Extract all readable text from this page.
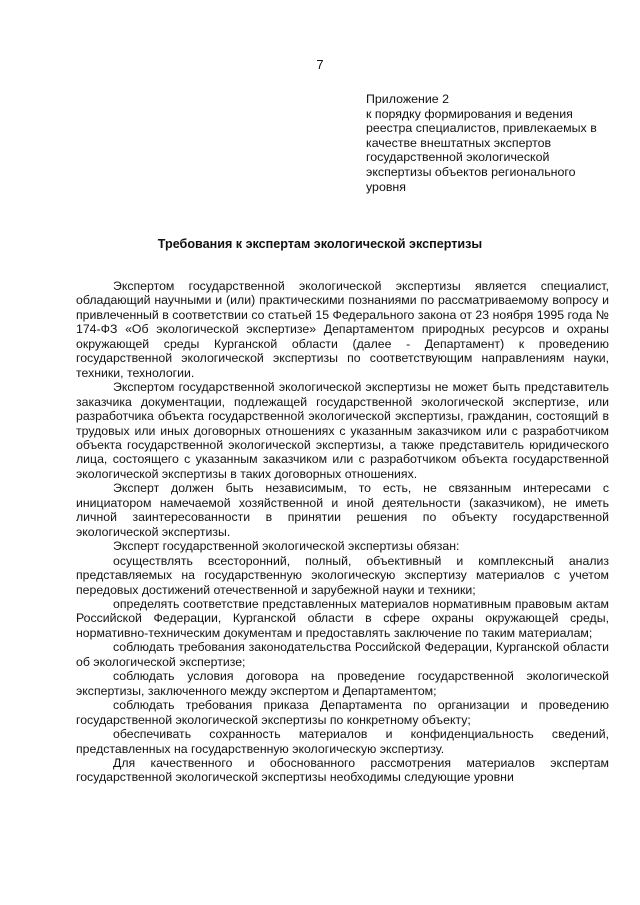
7
Приложение 2
к порядку формирования и ведения
реестра специалистов, привлекаемых в
качестве внештатных экспертов
государственной экологической
экспертизы объектов регионального
уровня
Требования к экспертам экологической экспертизы

Экспертом государственной экологической экспертизы является специалист, обладающий научными и (или) практическими познаниями по рассматриваемому вопросу и привлеченный в соответствии со статьей 15 Федерального закона от 23 ноября 1995 года № 174-ФЗ «Об экологической экспертизе» Департаментом природных ресурсов и охраны окружающей среды Курганской области (далее - Департамент) к проведению государственной экологической экспертизы по соответствующим направлениям науки, техники, технологии.

Экспертом государственной экологической экспертизы не может быть представитель заказчика документации, подлежащей государственной экологической экспертизе, или разработчика объекта государственной экологической экспертизы, гражданин, состоящий в трудовых или иных договорных отношениях с указанным заказчиком или с разработчиком объекта государственной экологической экспертизы, а также представитель юридического лица, состоящего с указанным заказчиком или с разработчиком объекта государственной экологической экспертизы в таких договорных отношениях.

Эксперт должен быть независимым, то есть, не связанным интересами с инициатором намечаемой хозяйственной и иной деятельности (заказчиком), не иметь личной заинтересованности в принятии решения по объекту государственной экологической экспертизы.

Эксперт государственной экологической экспертизы обязан:

осуществлять всесторонний, полный, объективный и комплексный анализ представляемых на государственную экологическую экспертизу материалов с учетом передовых достижений отечественной и зарубежной науки и техники;

определять соответствие представленных материалов нормативным правовым актам Российской Федерации, Курганской области в сфере охраны окружающей среды, нормативно-техническим документам и предоставлять заключение по таким материалам;

соблюдать требования законодательства Российской Федерации, Курганской области об экологической экспертизе;

соблюдать условия договора на проведение государственной экологической экспертизы, заключенного между экспертом и Департаментом;

соблюдать требования приказа Департамента по организации и проведению государственной экологической экспертизы по конкретному объекту;

обеспечивать сохранность материалов и конфиденциальность сведений, представленных на государственную экологическую экспертизу.

Для качественного и обоснованного рассмотрения материалов экспертам государственной экологической экспертизы необходимы следующие уровни
